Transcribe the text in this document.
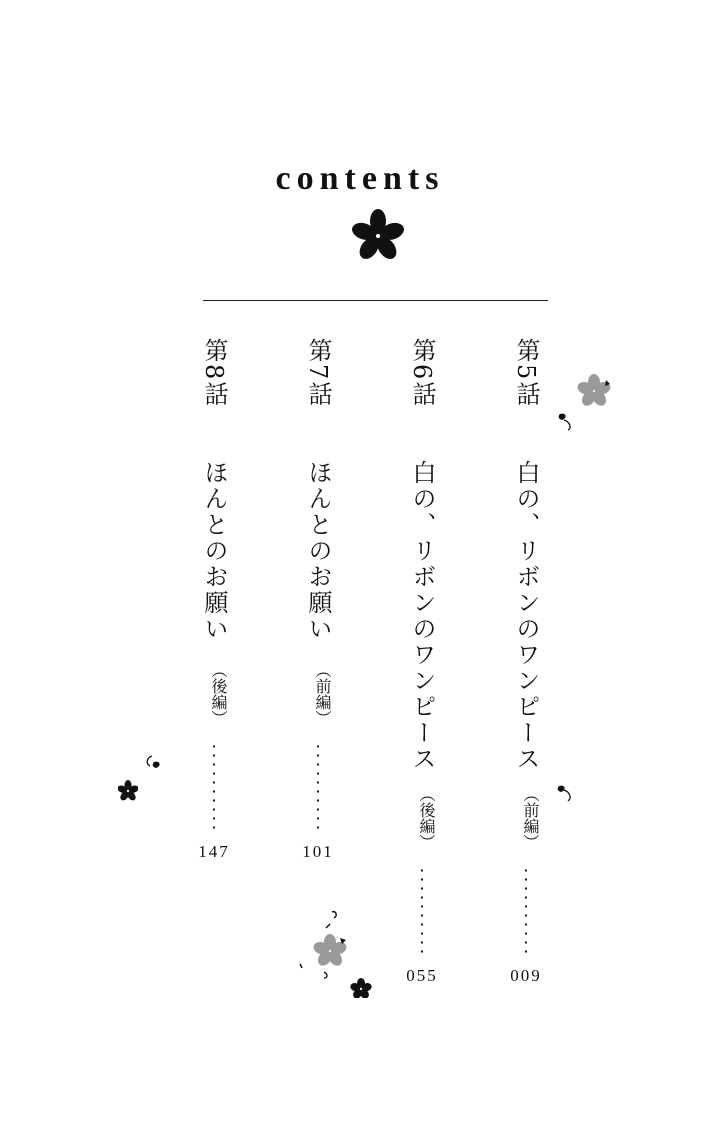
contents
第5話
白の、リボンのワンピース
（前編）
009
第6話
白の、リボンのワンピース
（後編）
055
第7話
ほんとのお願い
（前編）
101
第8話
ほんとのお願い
（後編）
147
